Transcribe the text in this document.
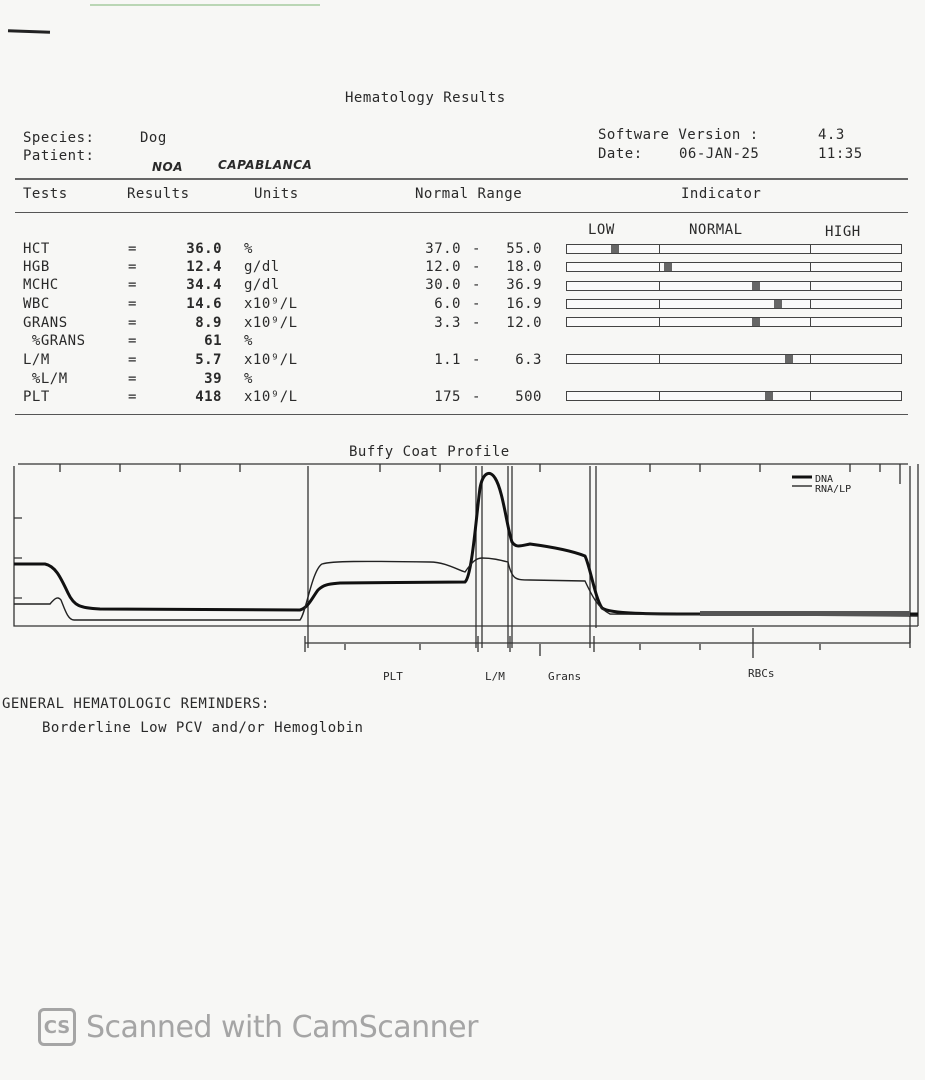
Hematology Results
Species:	Dog
Patient:
NOA	CAPABLANCA
Software Version :	4.3
Date:	06-JAN-25	11:35
Tests	Results	Units	Normal Range	Indicator
LOW	NORMAL	HIGH
HCT	=	36.0 %	37.0 -	55.0
HGB	=	12.4 g/dl	12.0 -	18.0
MCHC	=	34.4 g/dl	30.0 -	36.9
WBC	=	14.6 x10⁹/L	6.0 -	16.9
GRANS	=	8.9 x10⁹/L	3.3 -	12.0
%GRANS	=	61 %
L/M	=	5.7 x10⁹/L	1.1 -	6.3
%L/M	=	39 %
PLT	=	418 x10⁹/L	175 -	500
Buffy Coat Profile
DNA
RNA/LP
PLT	L/M	Grans	RBCs
GENERAL HEMATOLOGIC REMINDERS:
Borderline Low PCV and/or Hemoglobin
CS Scanned with CamScanner
